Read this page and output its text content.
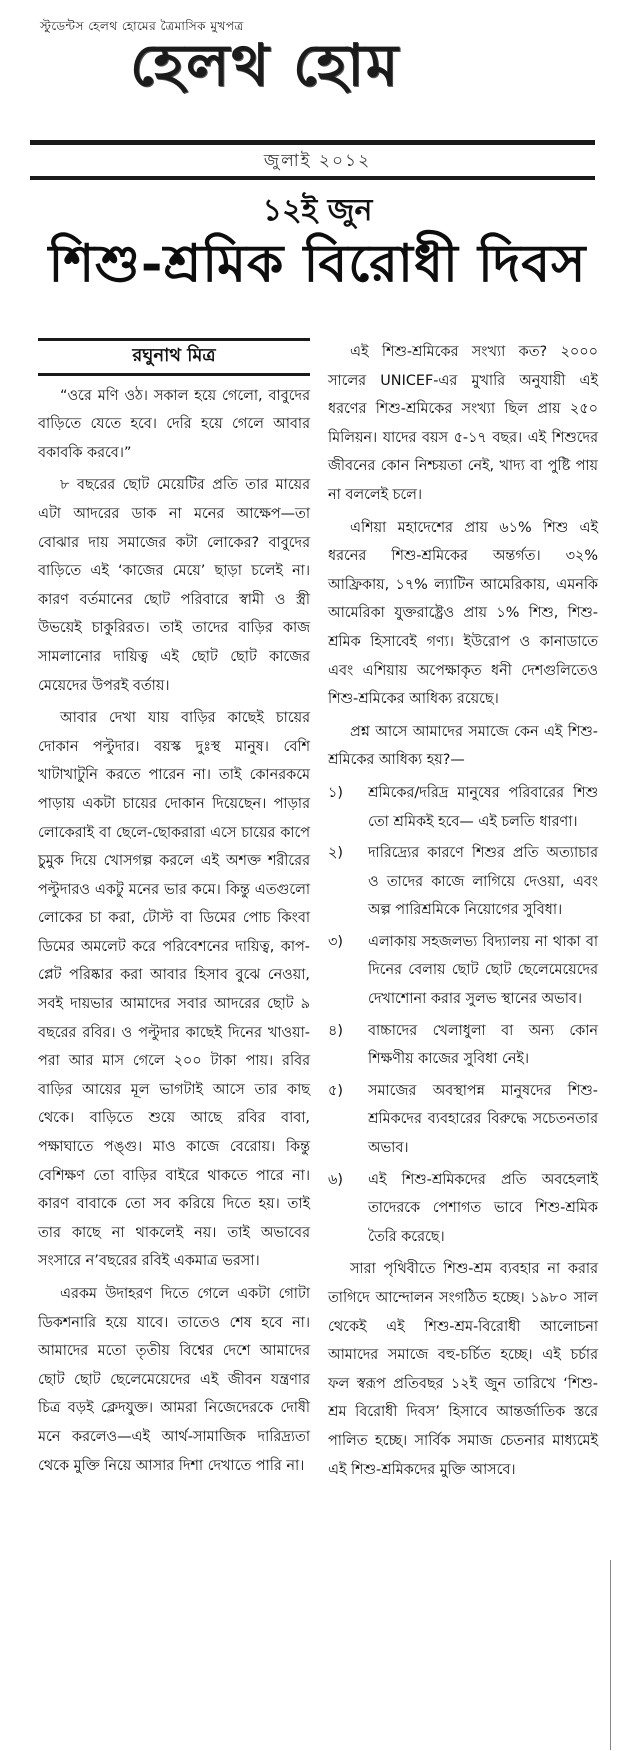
স্টুডেন্টস হেলথ হোমের ত্রৈমাসিক মুখপত্র
হেলথ হোম
জুলাই ২০১২
১২ই জুন
শিশু-শ্রমিক বিরোধী দিবস
রঘুনাথ মিত্র

“ওরে মণি ওঠ। সকাল হয়ে গেলো, বাবুদের বাড়িতে যেতে হবে। দেরি হয়ে গেলে আবার বকাবকি করবে।”

৮ বছরের ছোট মেয়েটির প্রতি তার মায়ের এটা আদরের ডাক না মনের আক্ষেপ—তা বোঝার দায় সমাজের কটা লোকের? বাবুদের বাড়িতে এই ‘কাজের মেয়ে’ ছাড়া চলেই না। কারণ বর্তমানের ছোট পরিবারে স্বামী ও স্ত্রী উভয়েই চাকুরিরত। তাই তাদের বাড়ির কাজ সামলানোর দায়িত্ব এই ছোট ছোট কাজের মেয়েদের উপরই বর্তায়।

আবার দেখা যায় বাড়ির কাছেই চায়ের দোকান পল্টুদার। বয়স্ক দুঃস্থ মানুষ। বেশি খাটাখাটুনি করতে পারেন না। তাই কোনরকমে পাড়ায় একটা চায়ের দোকান দিয়েছেন। পাড়ার লোকেরাই বা ছেলে-ছোকরারা এসে চায়ের কাপে চুমুক দিয়ে খোসগল্প করলে এই অশক্ত শরীরের পল্টুদারও একটু মনের ভার কমে। কিন্তু এতগুলো লোকের চা করা, টোস্ট বা ডিমের পোচ কিংবা ডিমের অমলেট করে পরিবেশনের দায়িত্ব, কাপ-প্লেট পরিষ্কার করা আবার হিসাব বুঝে নেওয়া, সবই দায়ভার আমাদের সবার আদরের ছোট ৯ বছরের রবির। ও পল্টুদার কাছেই দিনের খাওয়া-পরা আর মাস গেলে ২০০ টাকা পায়। রবির বাড়ির আয়ের মূল ভাগটাই আসে তার কাছ থেকে। বাড়িতে শুয়ে আছে রবির বাবা, পক্ষাঘাতে পঙ্গু। মাও কাজে বেরোয়। কিন্তু বেশিক্ষণ তো বাড়ির বাইরে থাকতে পারে না। কারণ বাবাকে তো সব করিয়ে দিতে হয়। তাই তার কাছে না থাকলেই নয়। তাই অভাবের সংসারে ন’বছরের রবিই একমাত্র ভরসা।

এরকম উদাহরণ দিতে গেলে একটা গোটা ডিকশনারি হয়ে যাবে। তাতেও শেষ হবে না। আমাদের মতো তৃতীয় বিশ্বের দেশে আমাদের ছোট ছোট ছেলেমেয়েদের এই জীবন যন্ত্রণার চিত্র বড়ই ক্লেদযুক্ত। আমরা নিজেদেরকে দোষী মনে করলেও—এই আর্থ-সামাজিক দারিদ্র্যতা থেকে মুক্তি নিয়ে আসার দিশা দেখাতে পারি না।

এই শিশু-শ্রমিকের সংখ্যা কত? ২০০০ সালের UNICEF-এর মুখারি অনুযায়ী এই ধরণের শিশু-শ্রমিকের সংখ্যা ছিল প্রায় ২৫০ মিলিয়ন। যাদের বয়স ৫-১৭ বছর। এই শিশুদের জীবনের কোন নিশ্চয়তা নেই, খাদ্য বা পুষ্টি পায় না বললেই চলে।

এশিয়া মহাদেশের প্রায় ৬১% শিশু এই ধরনের শিশু-শ্রমিকের অন্তর্গত। ৩২% আফ্রিকায়, ১৭% ল্যাটিন আমেরিকায়, এমনকি আমেরিকা যুক্তরাষ্ট্রেও প্রায় ১% শিশু, শিশু-শ্রমিক হিসাবেই গণ্য। ইউরোপ ও কানাডাতে এবং এশিয়ায় অপেক্ষাকৃত ধনী দেশগুলিতেও শিশু-শ্রমিকের আধিক্য রয়েছে।

প্রশ্ন আসে আমাদের সমাজে কেন এই শিশু-শ্রমিকের আধিক্য হয়?—

১)	শ্রমিকের/দরিদ্র মানুষের পরিবারের শিশু তো শ্রমিকই হবে— এই চলতি ধারণা।
২)	দারিদ্র্যের কারণে শিশুর প্রতি অত্যাচার ও তাদের কাজে লাগিয়ে দেওয়া, এবং অল্প পারিশ্রমিকে নিয়োগের সুবিধা।
৩)	এলাকায় সহজলভ্য বিদ্যালয় না থাকা বা দিনের বেলায় ছোট ছোট ছেলেমেয়েদের দেখাশোনা করার সুলভ স্থানের অভাব।
৪)	বাচ্চাদের খেলাধুলা বা অন্য কোন শিক্ষণীয় কাজের সুবিধা নেই।
৫)	সমাজের অবস্থাপন্ন মানুষদের শিশু-শ্রমিকদের ব্যবহারের বিরুদ্ধে সচেতনতার অভাব।
৬)	এই শিশু-শ্রমিকদের প্রতি অবহেলাই তাদেরকে পেশাগত ভাবে শিশু-শ্রমিক তৈরি করেছে।

সারা পৃথিবীতে শিশু-শ্রম ব্যবহার না করার তাগিদে আন্দোলন সংগঠিত হচ্ছে। ১৯৮০ সাল থেকেই এই শিশু-শ্রম-বিরোধী আলোচনা আমাদের সমাজে বহু-চর্চিত হচ্ছে। এই চর্চার ফল স্বরূপ প্রতিবছর ১২ই জুন তারিখে ‘শিশু-শ্রম বিরোধী দিবস’ হিসাবে আন্তর্জাতিক স্তরে পালিত হচ্ছে। সার্বিক সমাজ চেতনার মাধ্যমেই এই শিশু-শ্রমিকদের মুক্তি আসবে।
